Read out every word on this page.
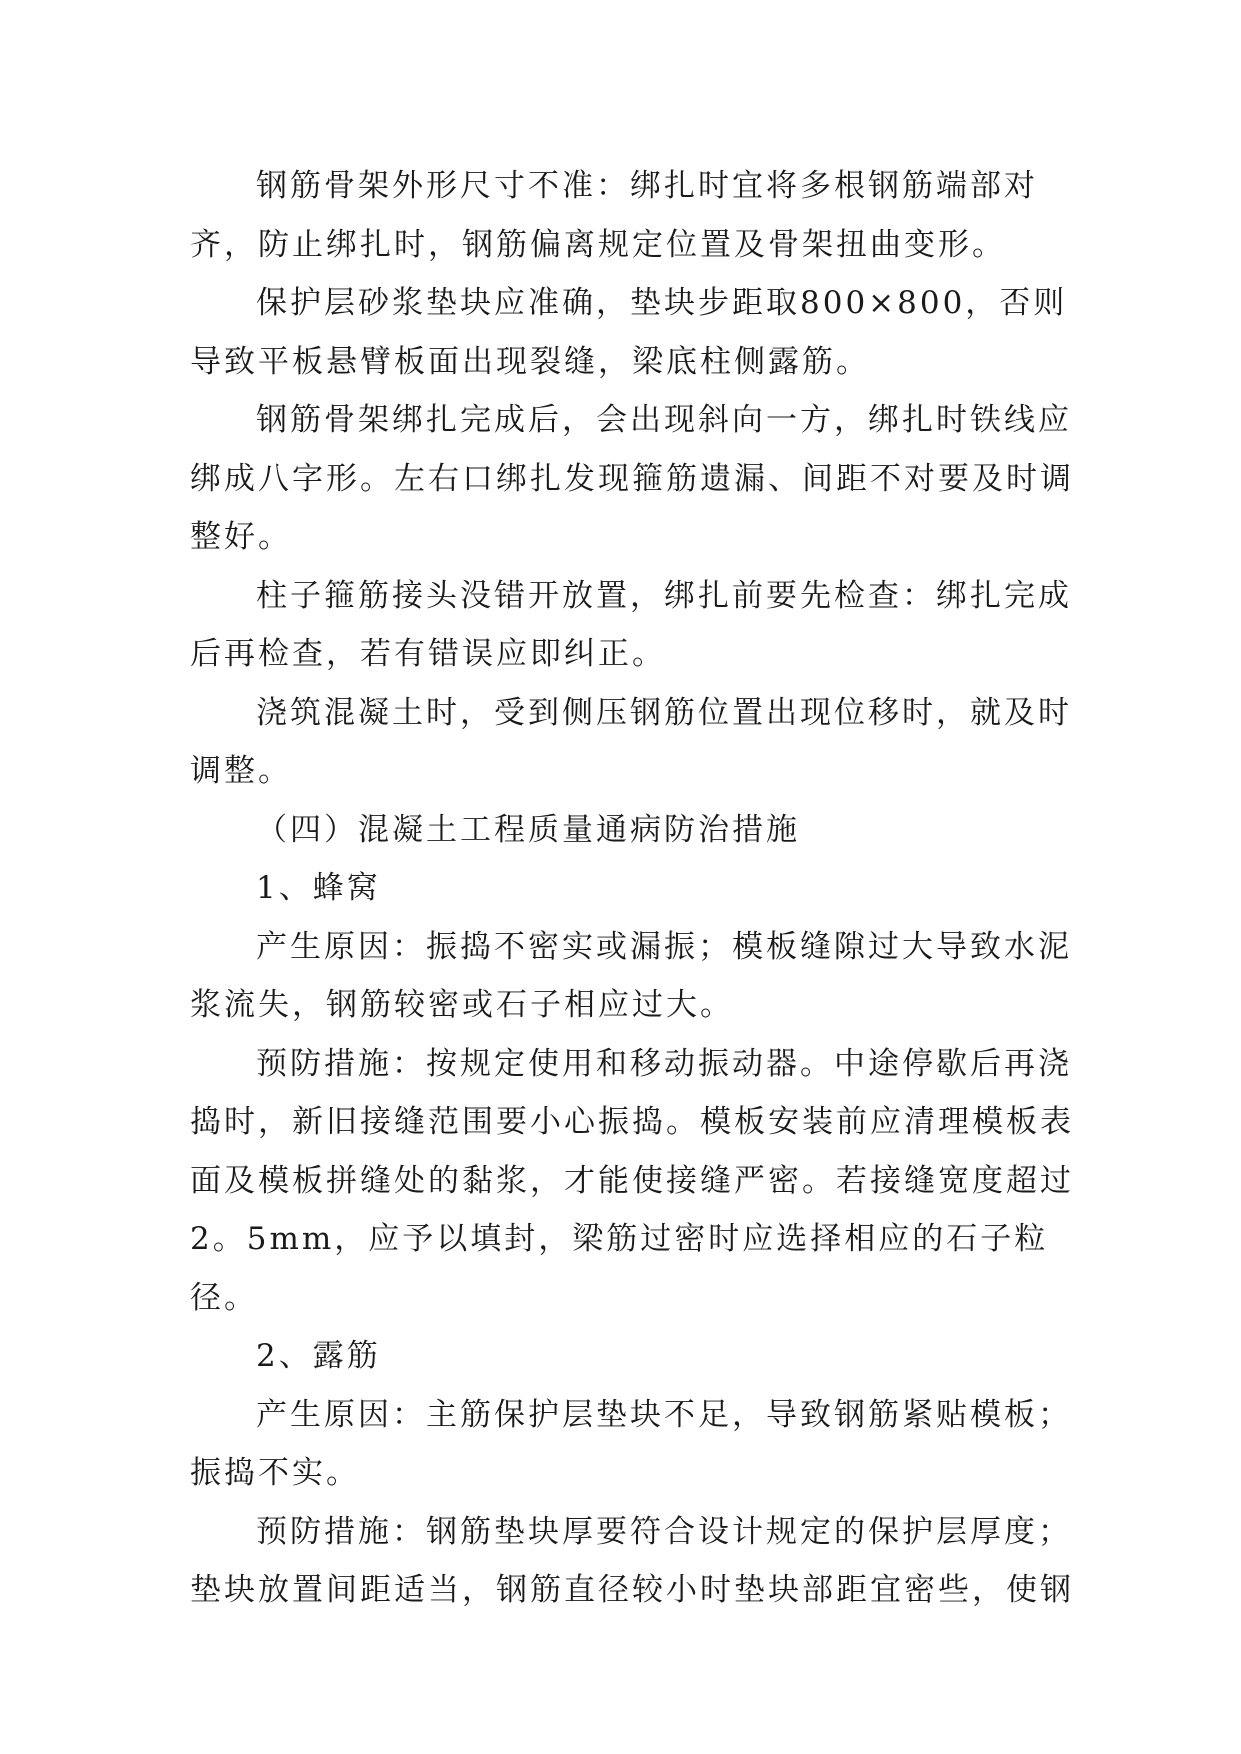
钢筋骨架外形尺寸不准：绑扎时宜将多根钢筋端部对齐，防止绑扎时，钢筋偏离规定位置及骨架扭曲变形。

保护层砂浆垫块应准确，垫块步距取800×800，否则导致平板悬臂板面出现裂缝，梁底柱侧露筋。

钢筋骨架绑扎完成后，会出现斜向一方，绑扎时铁线应绑成八字形。左右口绑扎发现箍筋遗漏、间距不对要及时调整好。

柱子箍筋接头没错开放置，绑扎前要先检查：绑扎完成后再检查，若有错误应即纠正。

浇筑混凝土时，受到侧压钢筋位置出现位移时，就及时调整。

（四）混凝土工程质量通病防治措施

1、蜂窝

产生原因：振捣不密实或漏振；模板缝隙过大导致水泥浆流失，钢筋较密或石子相应过大。

预防措施：按规定使用和移动振动器。中途停歇后再浇捣时，新旧接缝范围要小心振捣。模板安装前应清理模板表面及模板拼缝处的黏浆，才能使接缝严密。若接缝宽度超过2。5mm，应予以填封，梁筋过密时应选择相应的石子粒径。

2、露筋

产生原因：主筋保护层垫块不足，导致钢筋紧贴模板；振捣不实。

预防措施：钢筋垫块厚要符合设计规定的保护层厚度；垫块放置间距适当，钢筋直径较小时垫块部距宜密些，使钢
